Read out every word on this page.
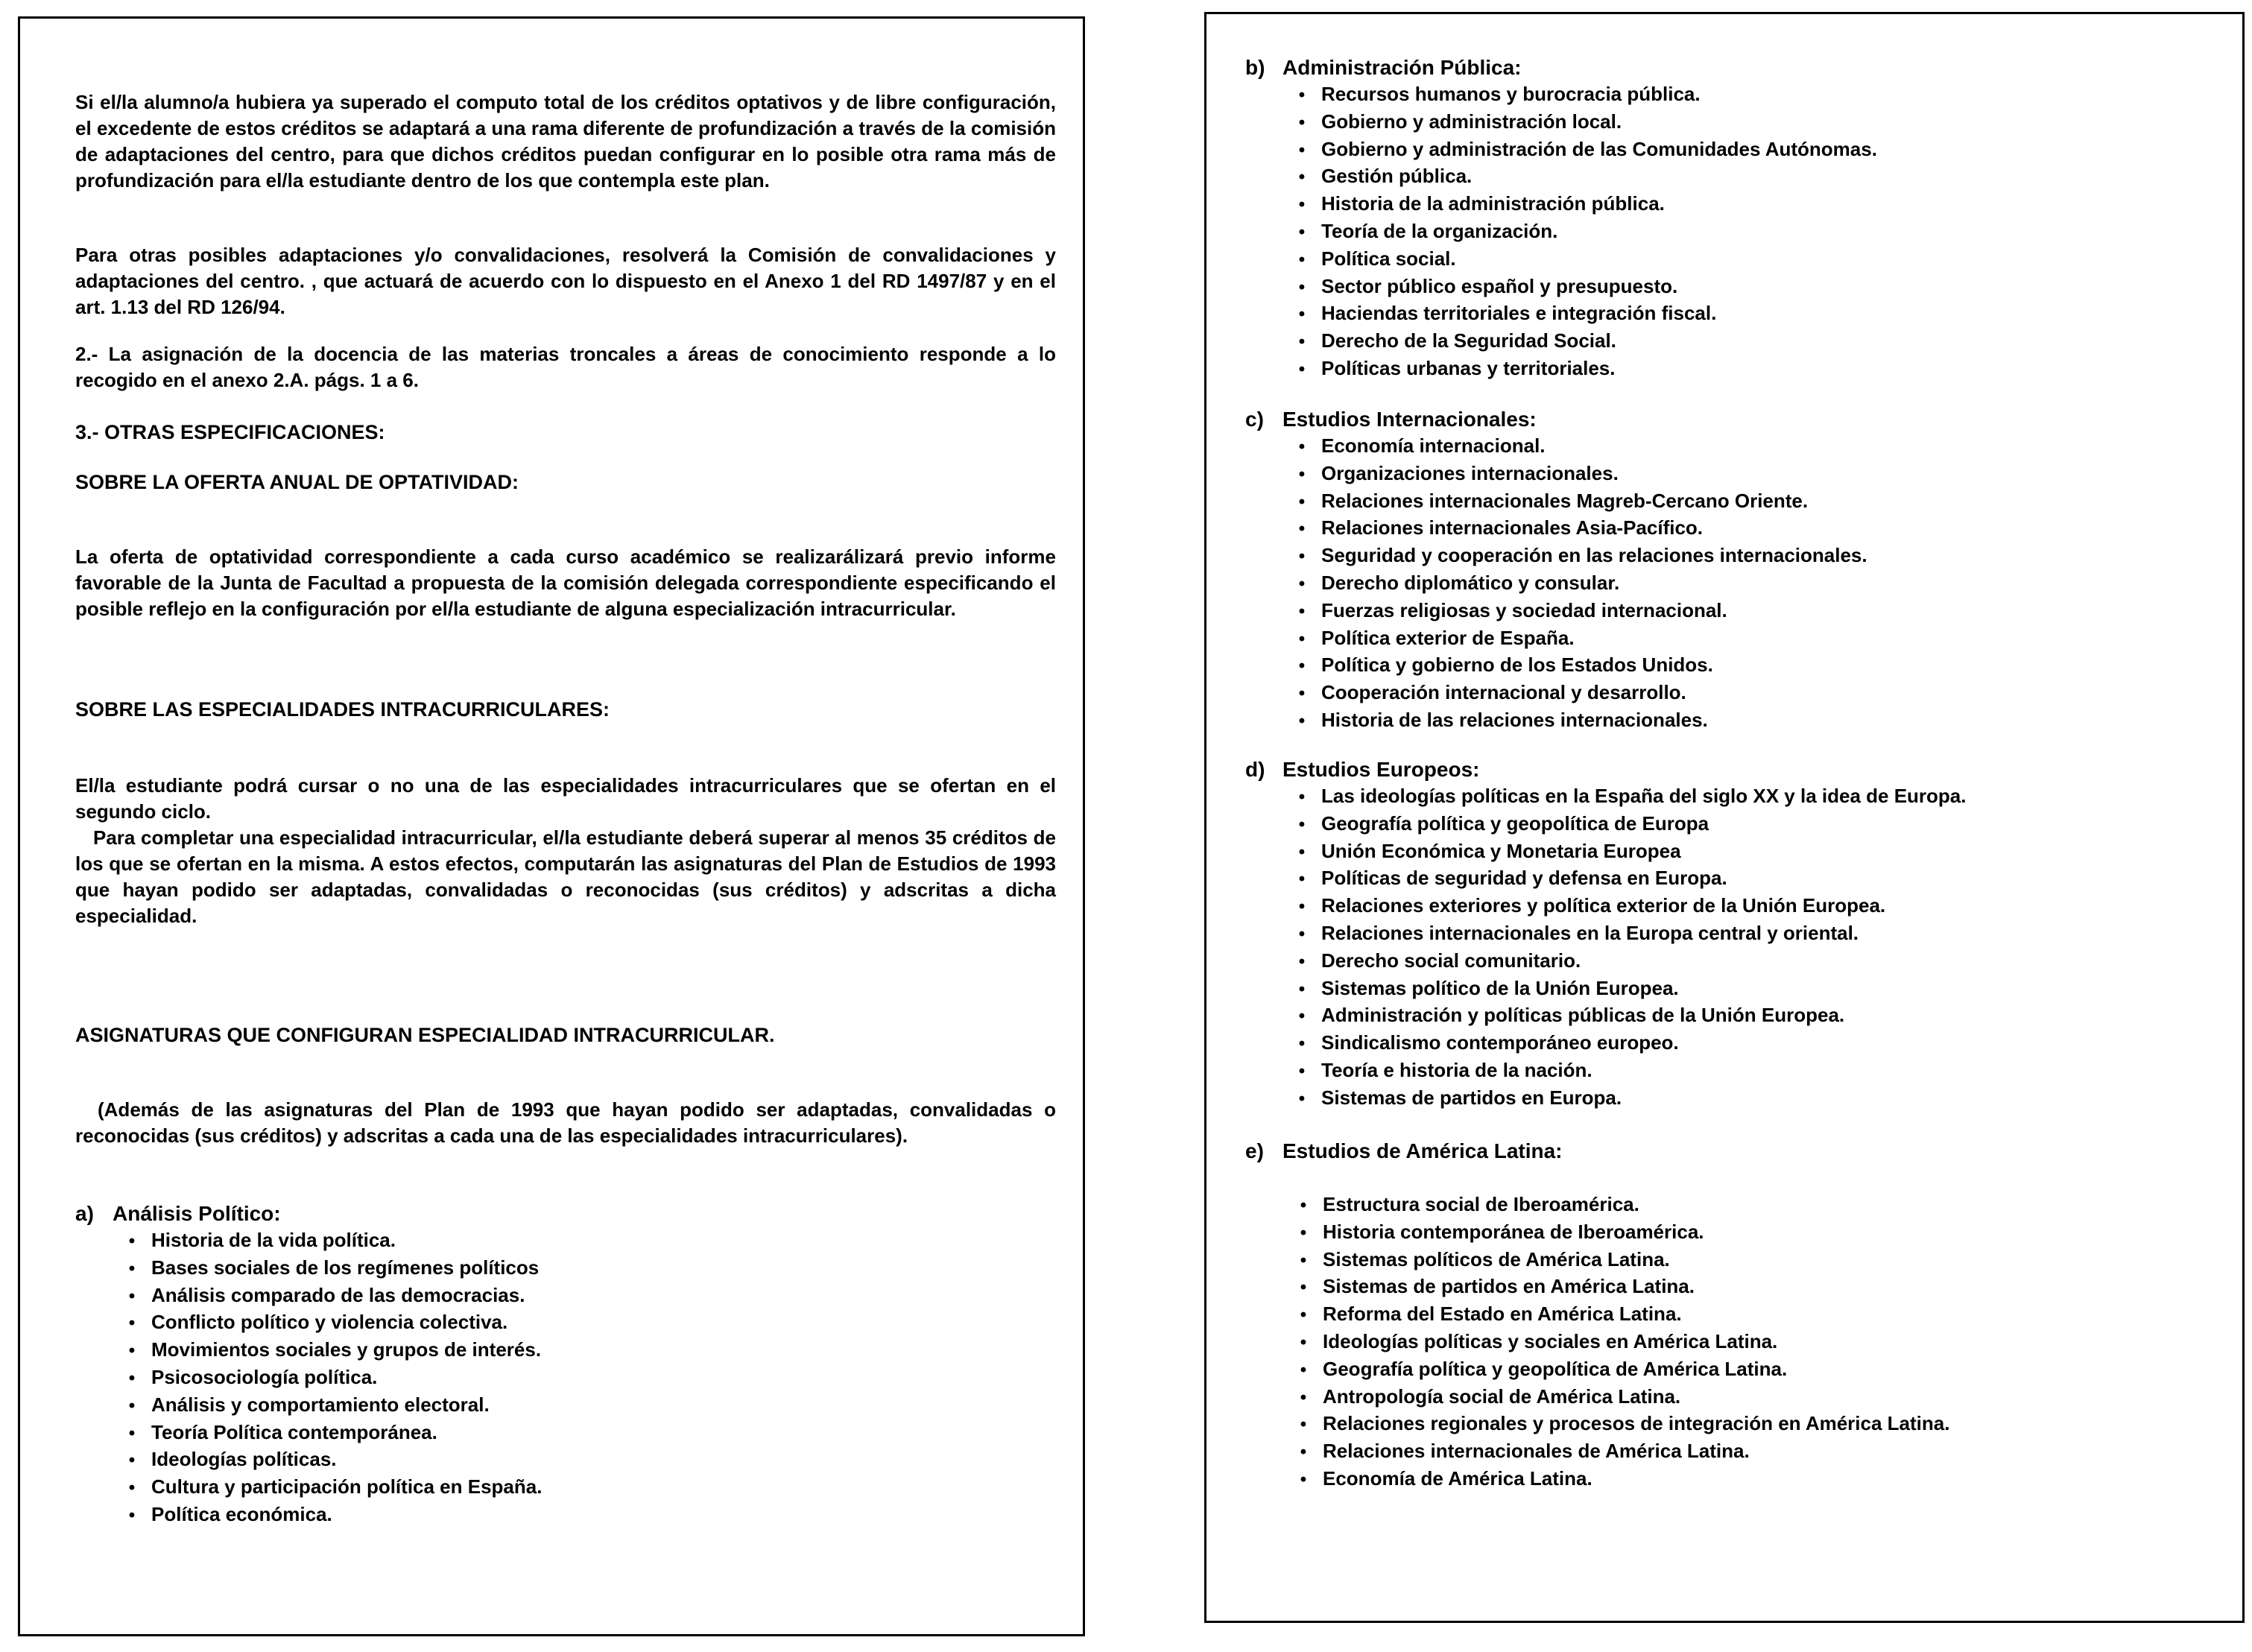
Si el/la alumno/a hubiera ya superado el computo total de los créditos optativos y de libre configuración, el excedente de estos créditos se adaptará a una rama diferente de profundización a través de la comisión de adaptaciones del centro, para que dichos créditos puedan configurar en lo posible otra rama más de profundización para el/la estudiante dentro de los que contempla este plan.

Para otras posibles adaptaciones y/o convalidaciones, resolverá la Comisión de convalidaciones y adaptaciones del centro. , que actuará de acuerdo con lo dispuesto en el Anexo 1 del RD 1497/87 y en el art. 1.13 del RD 126/94.

2.- La asignación de la docencia de las materias troncales a áreas de conocimiento responde a lo recogido en el anexo 2.A. págs. 1 a 6.

3.- OTRAS ESPECIFICACIONES:

SOBRE LA OFERTA ANUAL DE OPTATIVIDAD:

La oferta de optatividad correspondiente a cada curso académico se realizarálizará previo informe favorable de la Junta de Facultad a propuesta de la comisión delegada correspondiente especificando el posible reflejo en la configuración por el/la estudiante de alguna especialización intracurricular.

SOBRE LAS ESPECIALIDADES INTRACURRICULARES:

El/la estudiante podrá cursar o no una de las especialidades intracurriculares que se ofertan en el segundo ciclo.

Para completar una especialidad intracurricular, el/la estudiante deberá superar al menos 35 créditos de los que se ofertan en la misma. A estos efectos, computarán las asignaturas del Plan de Estudios de 1993 que hayan podido ser adaptadas, convalidadas o reconocidas (sus créditos) y adscritas a dicha especialidad.

ASIGNATURAS QUE CONFIGURAN ESPECIALIDAD INTRACURRICULAR.

(Además de las asignaturas del Plan de 1993 que hayan podido ser adaptadas, convalidadas o reconocidas (sus créditos) y adscritas a cada una de las especialidades intracurriculares).

a) Análisis Político:
• Historia de la vida política.
• Bases sociales de los regímenes políticos
• Análisis comparado de las democracias.
• Conflicto político y violencia colectiva.
• Movimientos sociales y grupos de interés.
• Psicosociología política.
• Análisis y comportamiento electoral.
• Teoría Política contemporánea.
• Ideologías políticas.
• Cultura y participación política en España.
• Política económica.
b) Administración Pública:
• Recursos humanos y burocracia pública.
• Gobierno y administración local.
• Gobierno y administración de las Comunidades Autónomas.
• Gestión pública.
• Historia de la administración pública.
• Teoría de la organización.
• Política social.
• Sector público español y presupuesto.
• Haciendas territoriales e integración fiscal.
• Derecho de la Seguridad Social.
• Políticas urbanas y territoriales.
c) Estudios Internacionales:
• Economía internacional.
• Organizaciones internacionales.
• Relaciones internacionales Magreb-Cercano Oriente.
• Relaciones internacionales Asia-Pacífico.
• Seguridad y cooperación en las relaciones internacionales.
• Derecho diplomático y consular.
• Fuerzas religiosas y sociedad internacional.
• Política exterior de España.
• Política y gobierno de los Estados Unidos.
• Cooperación internacional y desarrollo.
• Historia de las relaciones internacionales.
d) Estudios Europeos:
• Las ideologías políticas en la España del siglo XX y la idea de Europa.
• Geografía política y geopolítica de Europa
• Unión Económica y Monetaria Europea
• Políticas de seguridad y defensa en Europa.
• Relaciones exteriores y política exterior de la Unión Europea.
• Relaciones internacionales en la Europa central y oriental.
• Derecho social comunitario.
• Sistemas político de la Unión Europea.
• Administración y políticas públicas de la Unión Europea.
• Sindicalismo contemporáneo europeo.
• Teoría e historia de la nación.
• Sistemas de partidos en Europa.
e) Estudios de América Latina:
• Estructura social de Iberoamérica.
• Historia contemporánea de Iberoamérica.
• Sistemas políticos de América Latina.
• Sistemas de partidos en América Latina.
• Reforma del Estado en América Latina.
• Ideologías políticas y sociales en América Latina.
• Geografía política y geopolítica de América Latina.
• Antropología social de América Latina.
• Relaciones regionales y procesos de integración en América Latina.
• Relaciones internacionales de América Latina.
• Economía de América Latina.
